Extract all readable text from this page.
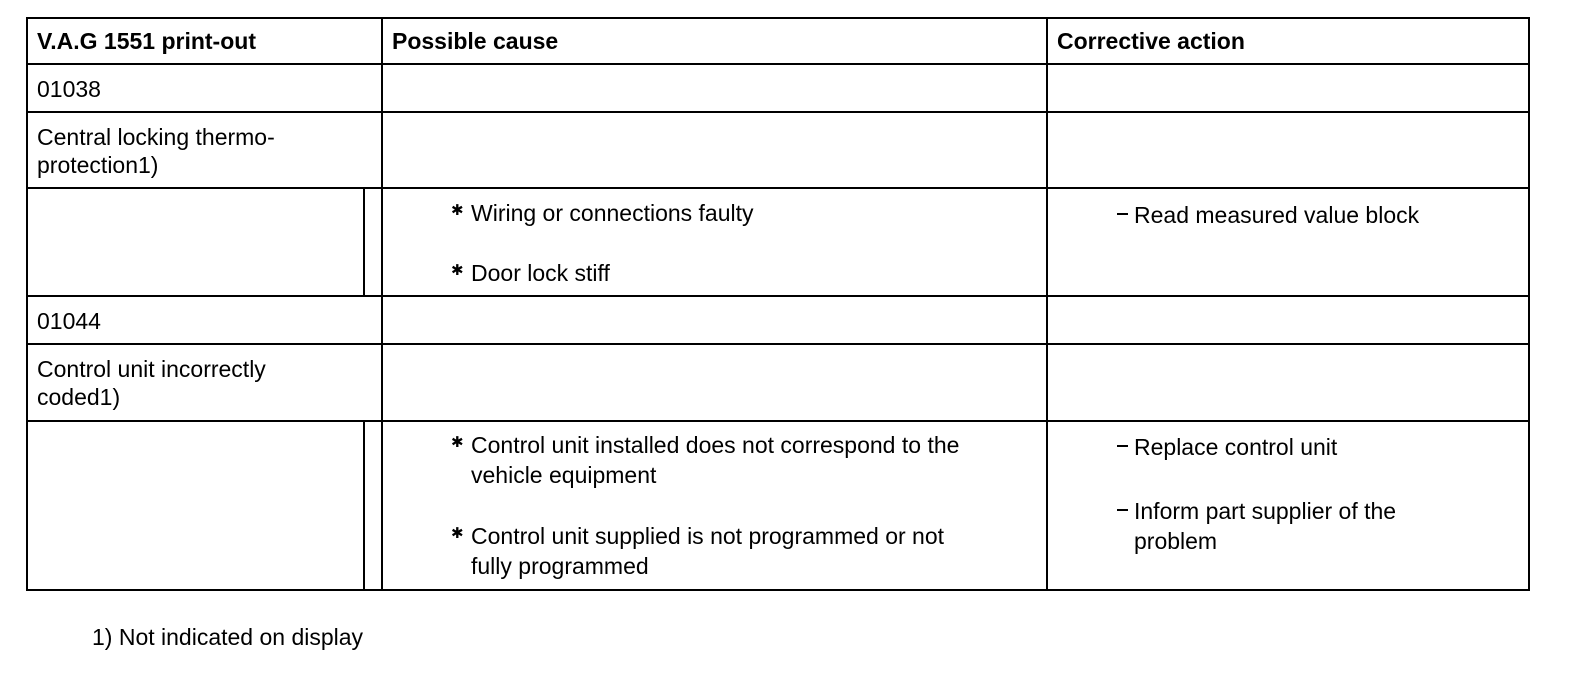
V.A.G 1551 print-out	Possible cause	Corrective action
01038
Central locking thermo-
protection1)
✱ Wiring or connections faulty
✱ Door lock stiff
Read measured value block
01044
Control unit incorrectly
coded1)
✱ Control unit installed does not correspond to the
vehicle equipment
✱ Control unit supplied is not programmed or not
fully programmed
Replace control unit
Inform part supplier of the
problem
1) Not indicated on display
